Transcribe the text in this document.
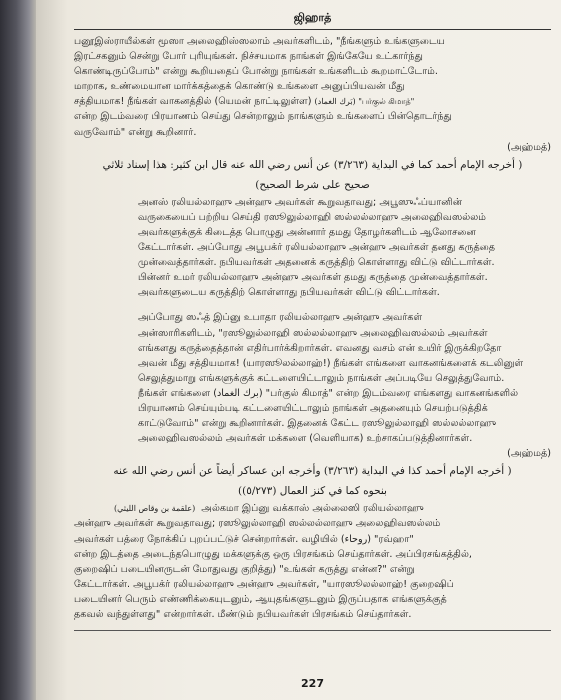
ஜிஹாத்

பனூஇஸ்ராயீல்கள் மூஸா அலைஹிஸ்ஸலாம் அவர்களிடம், "நீங்களும் உங்களுடைய
இரட்சகனும் சென்று போர் புரியுங்கள். நிச்சயமாக நாங்கள் இங்கேயே உட்கார்ந்து
கொண்டிருப்போம்" என்று கூறியதைப் போன்று நாங்கள் உங்களிடம் கூறமாட்டோம்.
மாறாக, உண்மையான மார்க்கத்தைக் கொண்டு உங்களை அனுப்பியவன் மீது
சத்தியமாக! நீங்கள் வாகனத்தில் (யெமன் நாட்டிலுள்ள) (بَرك الغماد) "பர்குல் கிமாத்"
என்ற இடம்வரை பிரயாணம் செய்து சென்றாலும் நாங்களும் உங்களைப் பின்தொடர்ந்து
வருவோம்" என்று கூறினார்.

(அஹ்மத்)
( أخرجه الإمام أحمد كما في البداية (٣/٢٦٣) عن أنس رضي الله عنه قال ابن كثير: هذا إسناد ثلاثي
صحيح على شرط الصحيح)

அனஸ் ரலியல்லாஹு அன்ஹு அவர்கள் கூறுவதாவது; அபூஸுஃப்யானின்
வருகையைப் பற்றிய செய்தி ரஸூலுல்லாஹி ஸல்லல்லாஹு அலைஹிவஸல்லம்
அவர்களுக்குக் கிடைத்த பொழுது அன்னார் தமது தோழர்களிடம் ஆலோசனை
கேட்டார்கள். அப்போது அபூபக்ர் ரலியல்லாஹு அன்ஹு அவர்கள் தனது கருத்தை
முன்வைத்தார்கள். நபியவர்கள் அதனைக் கருத்திற் கொள்ளாது விட்டு விட்டார்கள்.
பின்னர் உமர் ரலியல்லாஹு அன்ஹு அவர்கள் தமது கருத்தை முன்வைத்தார்கள்.
அவர்களுடைய கருத்திற் கொள்ளாது நபியவர்கள் விட்டு விட்டார்கள்.

அப்போது ஸஃத் இப்னு உபாதா ரலியல்லாஹு அன்ஹு அவர்கள்
அன்ஸாரிகளிடம், "ரஸூலுல்லாஹி ஸல்லல்லாஹு அலைஹிவஸல்லம் அவர்கள்
எங்களது கருத்தைத்தான் எதிர்பார்க்கிறார்கள். எவனது வசம் என் உயிர் இருக்கிறதோ
அவன் மீது சத்தியமாக! (யாரஸூலல்லாஹ்!) நீங்கள் எங்களை வாகனங்களைக் கடலினுள்
செலுத்துமாறு எங்களுக்குக் கட்டளையிட்டாலும் நாங்கள் அப்படியே செலுத்துவோம்.
நீங்கள் எங்களை (برك الغماد) "பர்குல் கிமாத்" என்ற இடம்வரை எங்களது வாகனங்களில்
பிரயாணம் செய்யும்படி கட்டளையிட்டாலும் நாங்கள் அதனையும் செயற்படுத்திக்
காட்டுவோம்" என்று கூறினார்கள். இதனைக் கேட்ட ரஸூலுல்லாஹி ஸல்லல்லாஹு
அலைஹிவஸல்லம் அவர்கள் மக்களை (வெளியாக) உற்சாகப்படுத்தினார்கள்.

(அஹ்மத்)
( أخرجه الإمام أحمد كذا في البداية (٣/٢٦٣) وأخرجه ابن عساكر أيضاً عن أنس رضي الله عنه
بنحوه كما في كنز العمال (٥/٢٧٣))

(علقمة بن وقاص الليثي) அல்கமா இப்னு வக்காஸ் அல்லைஸி ரலியல்லாஹு
அன்ஹு அவர்கள் கூறுவதாவது; ரஸூலுல்லாஹி ஸல்லல்லாஹு அலைஹிவஸல்லம்
அவர்கள் பத்ரை நோக்கிப் புறப்பட்டுச் சென்றார்கள். வழியில் (روحاء) "ரவ்ஹா"
என்ற இடத்தை அடைந்தபொழுது மக்களுக்கு ஒரு பிரசங்கம் செய்தார்கள். அப்பிரசங்கத்தில்,
குறைஷிப் படையினருடன் மோதுவது குறித்து) "உங்கள் கருத்து என்ன?" என்று
கேட்டார்கள். அபூபக்ர் ரலியல்லாஹு அன்ஹு அவர்கள், "யாரஸூலல்லாஹ்! குறைஷிப்
படையினர் பெரும் எண்ணிக்கையுடனும், ஆயுதங்களுடனும் இருப்பதாக எங்களுக்குத்
தகவல் வந்துள்ளது" என்றார்கள். மீண்டும் நபியவர்கள் பிரசங்கம் செய்தார்கள்.

227
